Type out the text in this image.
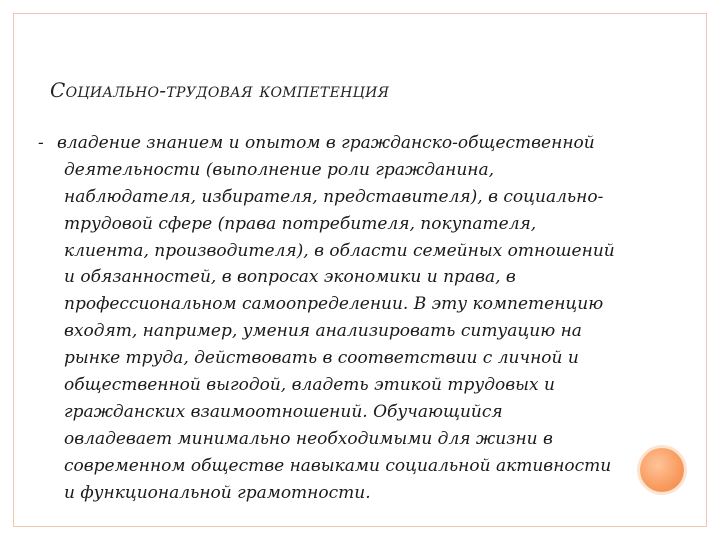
Социально-трудовая компетенция
- владение знанием и опытом в гражданско-общественной
деятельности (выполнение роли гражданина,
наблюдателя, избирателя, представителя), в социально-
трудовой сфере (права потребителя, покупателя,
клиента, производителя), в области семейных отношений
и обязанностей, в вопросах экономики и права, в
профессиональном самоопределении. В эту компетенцию
входят, например, умения анализировать ситуацию на
рынке труда, действовать в соответствии с личной и
общественной выгодой, владеть этикой трудовых и
гражданских взаимоотношений. Обучающийся
овладевает минимально необходимыми для жизни в
современном обществе навыками социальной активности
и функциональной грамотности.
